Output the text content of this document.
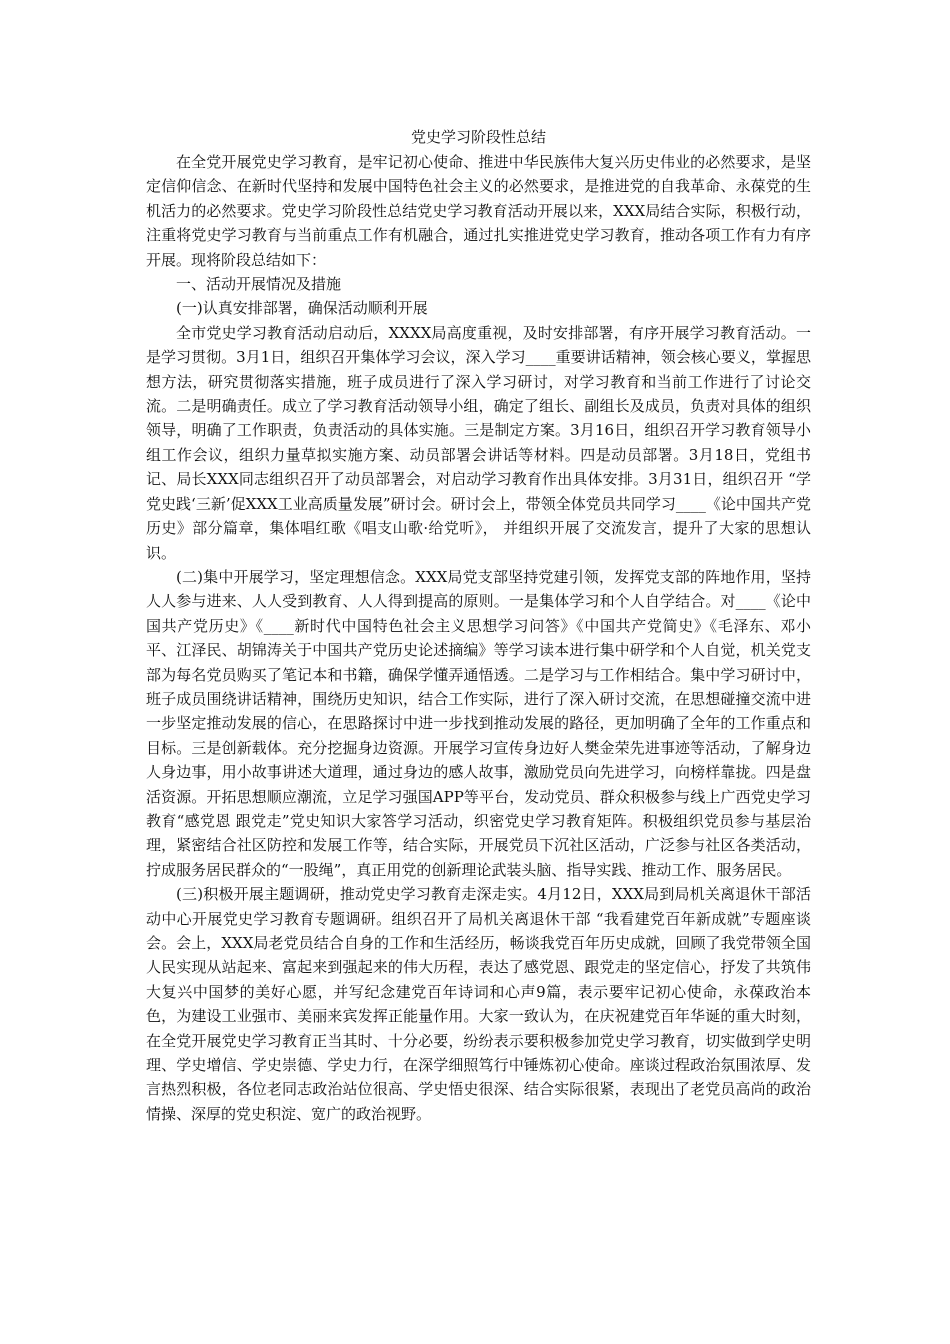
党史学习阶段性总结

在全党开展党史学习教育，是牢记初心使命、推进中华民族伟大复兴历史伟业的必然要求，是坚定信仰信念、在新时代坚持和发展中国特色社会主义的必然要求，是推进党的自我革命、永葆党的生机活力的必然要求。党史学习阶段性总结党史学习教育活动开展以来，XXX局结合实际，积极行动，注重将党史学习教育与当前重点工作有机融合，通过扎实推进党史学习教育，推动各项工作有力有序开展。现将阶段总结如下：

一、活动开展情况及措施

(一)认真安排部署，确保活动顺利开展

全市党史学习教育活动启动后，XXXX局高度重视，及时安排部署，有序开展学习教育活动。一是学习贯彻。3月1日，组织召开集体学习会议，深入学习____重要讲话精神，领会核心要义，掌握思想方法，研究贯彻落实措施，班子成员进行了深入学习研讨，对学习教育和当前工作进行了讨论交流。二是明确责任。成立了学习教育活动领导小组，确定了组长、副组长及成员，负责对具体的组织领导，明确了工作职责，负责活动的具体实施。三是制定方案。3月16日，组织召开学习教育领导小组工作会议，组织力量草拟实施方案、动员部署会讲话等材料。四是动员部署。3月18日，党组书记、局长XXX同志组织召开了动员部署会，对启动学习教育作出具体安排。3月31日，组织召开 “学党史践‘三新’促XXX工业高质量发展”研讨会。研讨会上，带领全体党员共同学习____《论中国共产党历史》部分篇章，集体唱红歌《唱支山歌·给党听》， 并组织开展了交流发言，提升了大家的思想认识。

(二)集中开展学习，坚定理想信念。XXX局党支部坚持党建引领，发挥党支部的阵地作用，坚持人人参与进来、人人受到教育、人人得到提高的原则。一是集体学习和个人自学结合。对____《论中国共产党历史》《____新时代中国特色社会主义思想学习问答》《中国共产党简史》《毛泽东、邓小平、江泽民、胡锦涛关于中国共产党历史论述摘编》等学习读本进行集中研学和个人自觉，机关党支部为每名党员购买了笔记本和书籍，确保学懂弄通悟透。二是学习与工作相结合。集中学习研讨中，班子成员围绕讲话精神，围绕历史知识，结合工作实际，进行了深入研讨交流，在思想碰撞交流中进一步坚定推动发展的信心，在思路探讨中进一步找到推动发展的路径，更加明确了全年的工作重点和目标。三是创新载体。充分挖掘身边资源。开展学习宣传身边好人樊金荣先进事迹等活动，了解身边人身边事，用小故事讲述大道理，通过身边的感人故事，激励党员向先进学习，向榜样靠拢。四是盘活资源。开拓思想顺应潮流，立足学习强国APP等平台，发动党员、群众积极参与线上广西党史学习教育“感党恩 跟党走”党史知识大家答学习活动，织密党史学习教育矩阵。积极组织党员参与基层治理，紧密结合社区防控和发展工作等，结合实际，开展党员下沉社区活动，广泛参与社区各类活动，拧成服务居民群众的“一股绳”，真正用党的创新理论武装头脑、指导实践、推动工作、服务居民。

(三)积极开展主题调研，推动党史学习教育走深走实。4月12日，XXX局到局机关离退休干部活动中心开展党史学习教育专题调研。组织召开了局机关离退休干部 “我看建党百年新成就”专题座谈会。会上，XXX局老党员结合自身的工作和生活经历，畅谈我党百年历史成就，回顾了我党带领全国人民实现从站起来、富起来到强起来的伟大历程，表达了感党恩、跟党走的坚定信心，抒发了共筑伟大复兴中国梦的美好心愿，并写纪念建党百年诗词和心声9篇，表示要牢记初心使命，永葆政治本色，为建设工业强市、美丽来宾发挥正能量作用。大家一致认为，在庆祝建党百年华诞的重大时刻，在全党开展党史学习教育正当其时、十分必要，纷纷表示要积极参加党史学习教育，切实做到学史明理、学史增信、学史崇德、学史力行，在深学细照笃行中锤炼初心使命。座谈过程政治氛围浓厚、发言热烈积极，各位老同志政治站位很高、学史悟史很深、结合实际很紧，表现出了老党员高尚的政治情操、深厚的党史积淀、宽广的政治视野。
